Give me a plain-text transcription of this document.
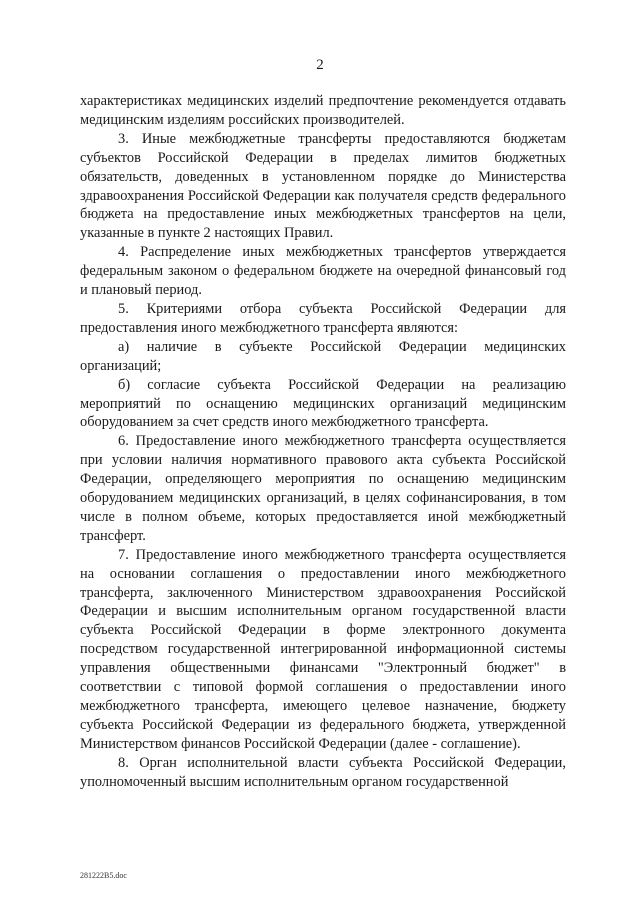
2

характеристиках медицинских изделий предпочтение рекомендуется отдавать медицинским изделиям российских производителей.

3. Иные межбюджетные трансферты предоставляются бюджетам субъектов Российской Федерации в пределах лимитов бюджетных обязательств, доведенных в установленном порядке до Министерства здравоохранения Российской Федерации как получателя средств федерального бюджета на предоставление иных межбюджетных трансфертов на цели, указанные в пункте 2 настоящих Правил.

4. Распределение иных межбюджетных трансфертов утверждается федеральным законом о федеральном бюджете на очередной финансовый год и плановый период.

5. Критериями отбора субъекта Российской Федерации для предоставления иного межбюджетного трансферта являются:

а) наличие в субъекте Российской Федерации медицинских организаций;

б) согласие субъекта Российской Федерации на реализацию мероприятий по оснащению медицинских организаций медицинским оборудованием за счет средств иного межбюджетного трансферта.

6. Предоставление иного межбюджетного трансферта осуществляется при условии наличия нормативного правового акта субъекта Российской Федерации, определяющего мероприятия по оснащению медицинским оборудованием медицинских организаций, в целях софинансирования, в том числе в полном объеме, которых предоставляется иной межбюджетный трансферт.

7. Предоставление иного межбюджетного трансферта осуществляется на основании соглашения о предоставлении иного межбюджетного трансферта, заключенного Министерством здравоохранения Российской Федерации и высшим исполнительным органом государственной власти субъекта Российской Федерации в форме электронного документа посредством государственной интегрированной информационной системы управления общественными финансами "Электронный бюджет" в соответствии с типовой формой соглашения о предоставлении иного межбюджетного трансферта, имеющего целевое назначение, бюджету субъекта Российской Федерации из федерального бюджета, утвержденной Министерством финансов Российской Федерации (далее - соглашение).

8. Орган исполнительной власти субъекта Российской Федерации, уполномоченный высшим исполнительным органом государственной

281222B5.doc
